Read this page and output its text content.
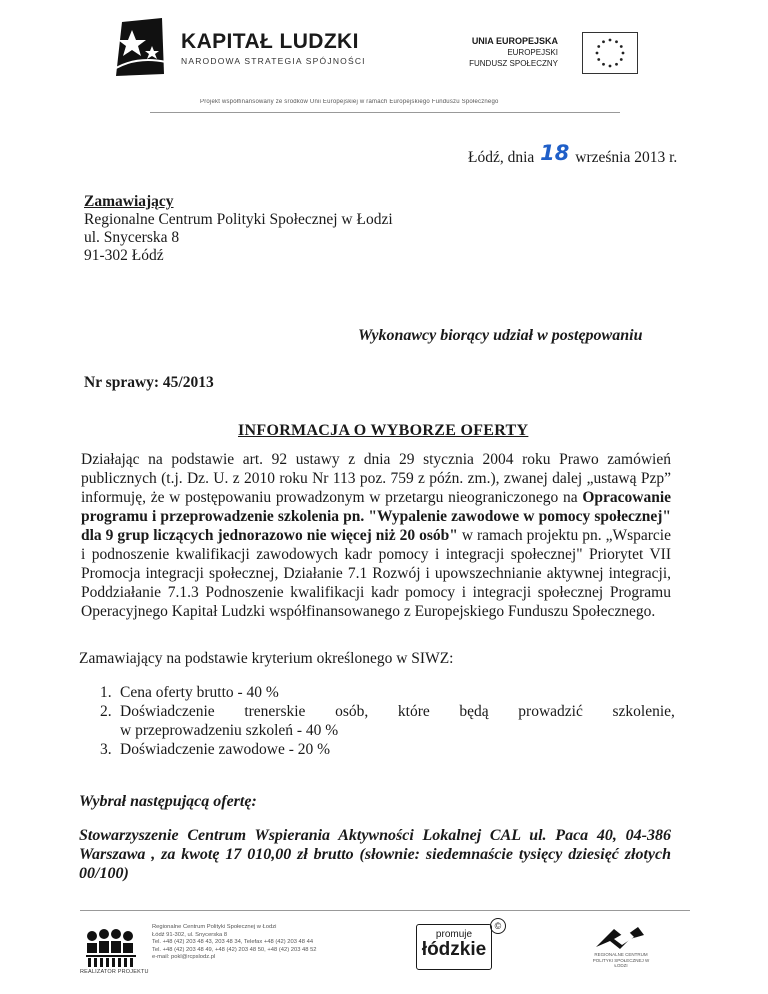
KAPITAŁ LUDZKI
NARODOWA STRATEGIA SPÓJNOŚCI
UNIA EUROPEJSKA
EUROPEJSKI
FUNDUSZ SPOŁECZNY
Projekt współfinansowany ze środków Unii Europejskiej w ramach Europejskiego Funduszu Społecznego
Łódź, dnia 18 września 2013 r.
Zamawiający
Regionalne Centrum Polityki Społecznej w Łodzi
ul. Snycerska 8
91-302 Łódź
Wykonawcy biorący udział w postępowaniu
Nr sprawy: 45/2013
INFORMACJA O WYBORZE OFERTY
Działając na podstawie art. 92 ustawy z dnia 29 stycznia 2004 roku Prawo zamówień publicznych (t.j. Dz. U. z 2010 roku Nr 113 poz. 759 z późn. zm.), zwanej dalej „ustawą Pzp” informuję, że w postępowaniu prowadzonym w przetargu nieograniczonego na Opracowanie programu i przeprowadzenie szkolenia pn. "Wypalenie zawodowe w pomocy społecznej" dla 9 grup liczących jednorazowo nie więcej niż 20 osób" w ramach projektu pn. „Wsparcie i podnoszenie kwalifikacji zawodowych kadr pomocy i integracji społecznej" Priorytet VII Promocja integracji społecznej, Działanie 7.1 Rozwój i upowszechnianie aktywnej integracji, Poddziałanie 7.1.3 Podnoszenie kwalifikacji kadr pomocy i integracji społecznej Programu Operacyjnego Kapitał Ludzki współfinansowanego z Europejskiego Funduszu Społecznego.
Zamawiający na podstawie kryterium określonego w SIWZ:
1. Cena oferty brutto - 40 %
2. Doświadczenie trenerskie osób, które będą prowadzić szkolenie,
w przeprowadzeniu szkoleń - 40 %
3. Doświadczenie zawodowe - 20 %
Wybrał następującą ofertę:
Stowarzyszenie Centrum Wspierania Aktywności Lokalnej CAL ul. Paca 40, 04-386 Warszawa , za kwotę 17 010,00 zł brutto (słownie: siedemnaście tysięcy dziesięć złotych 00/100)
REALIZATOR PROJEKTU
Regionalne Centrum Polityki Społecznej w Łodzi
Łódź 91-302, ul. Snycerska 8
Tel. +48 (42) 203 48 43, 203 48 34, Telefax +48 (42) 203 48 44
Tel. +48 (42) 203 48 49, +48 (42) 203 48 50, +48 (42) 203 48 52
e-mail: pokl@rcpslodz.pl
promuje
łódzkie
©
REGIONALNE CENTRUM POLITYKI SPOŁECZNEJ W ŁODZI
